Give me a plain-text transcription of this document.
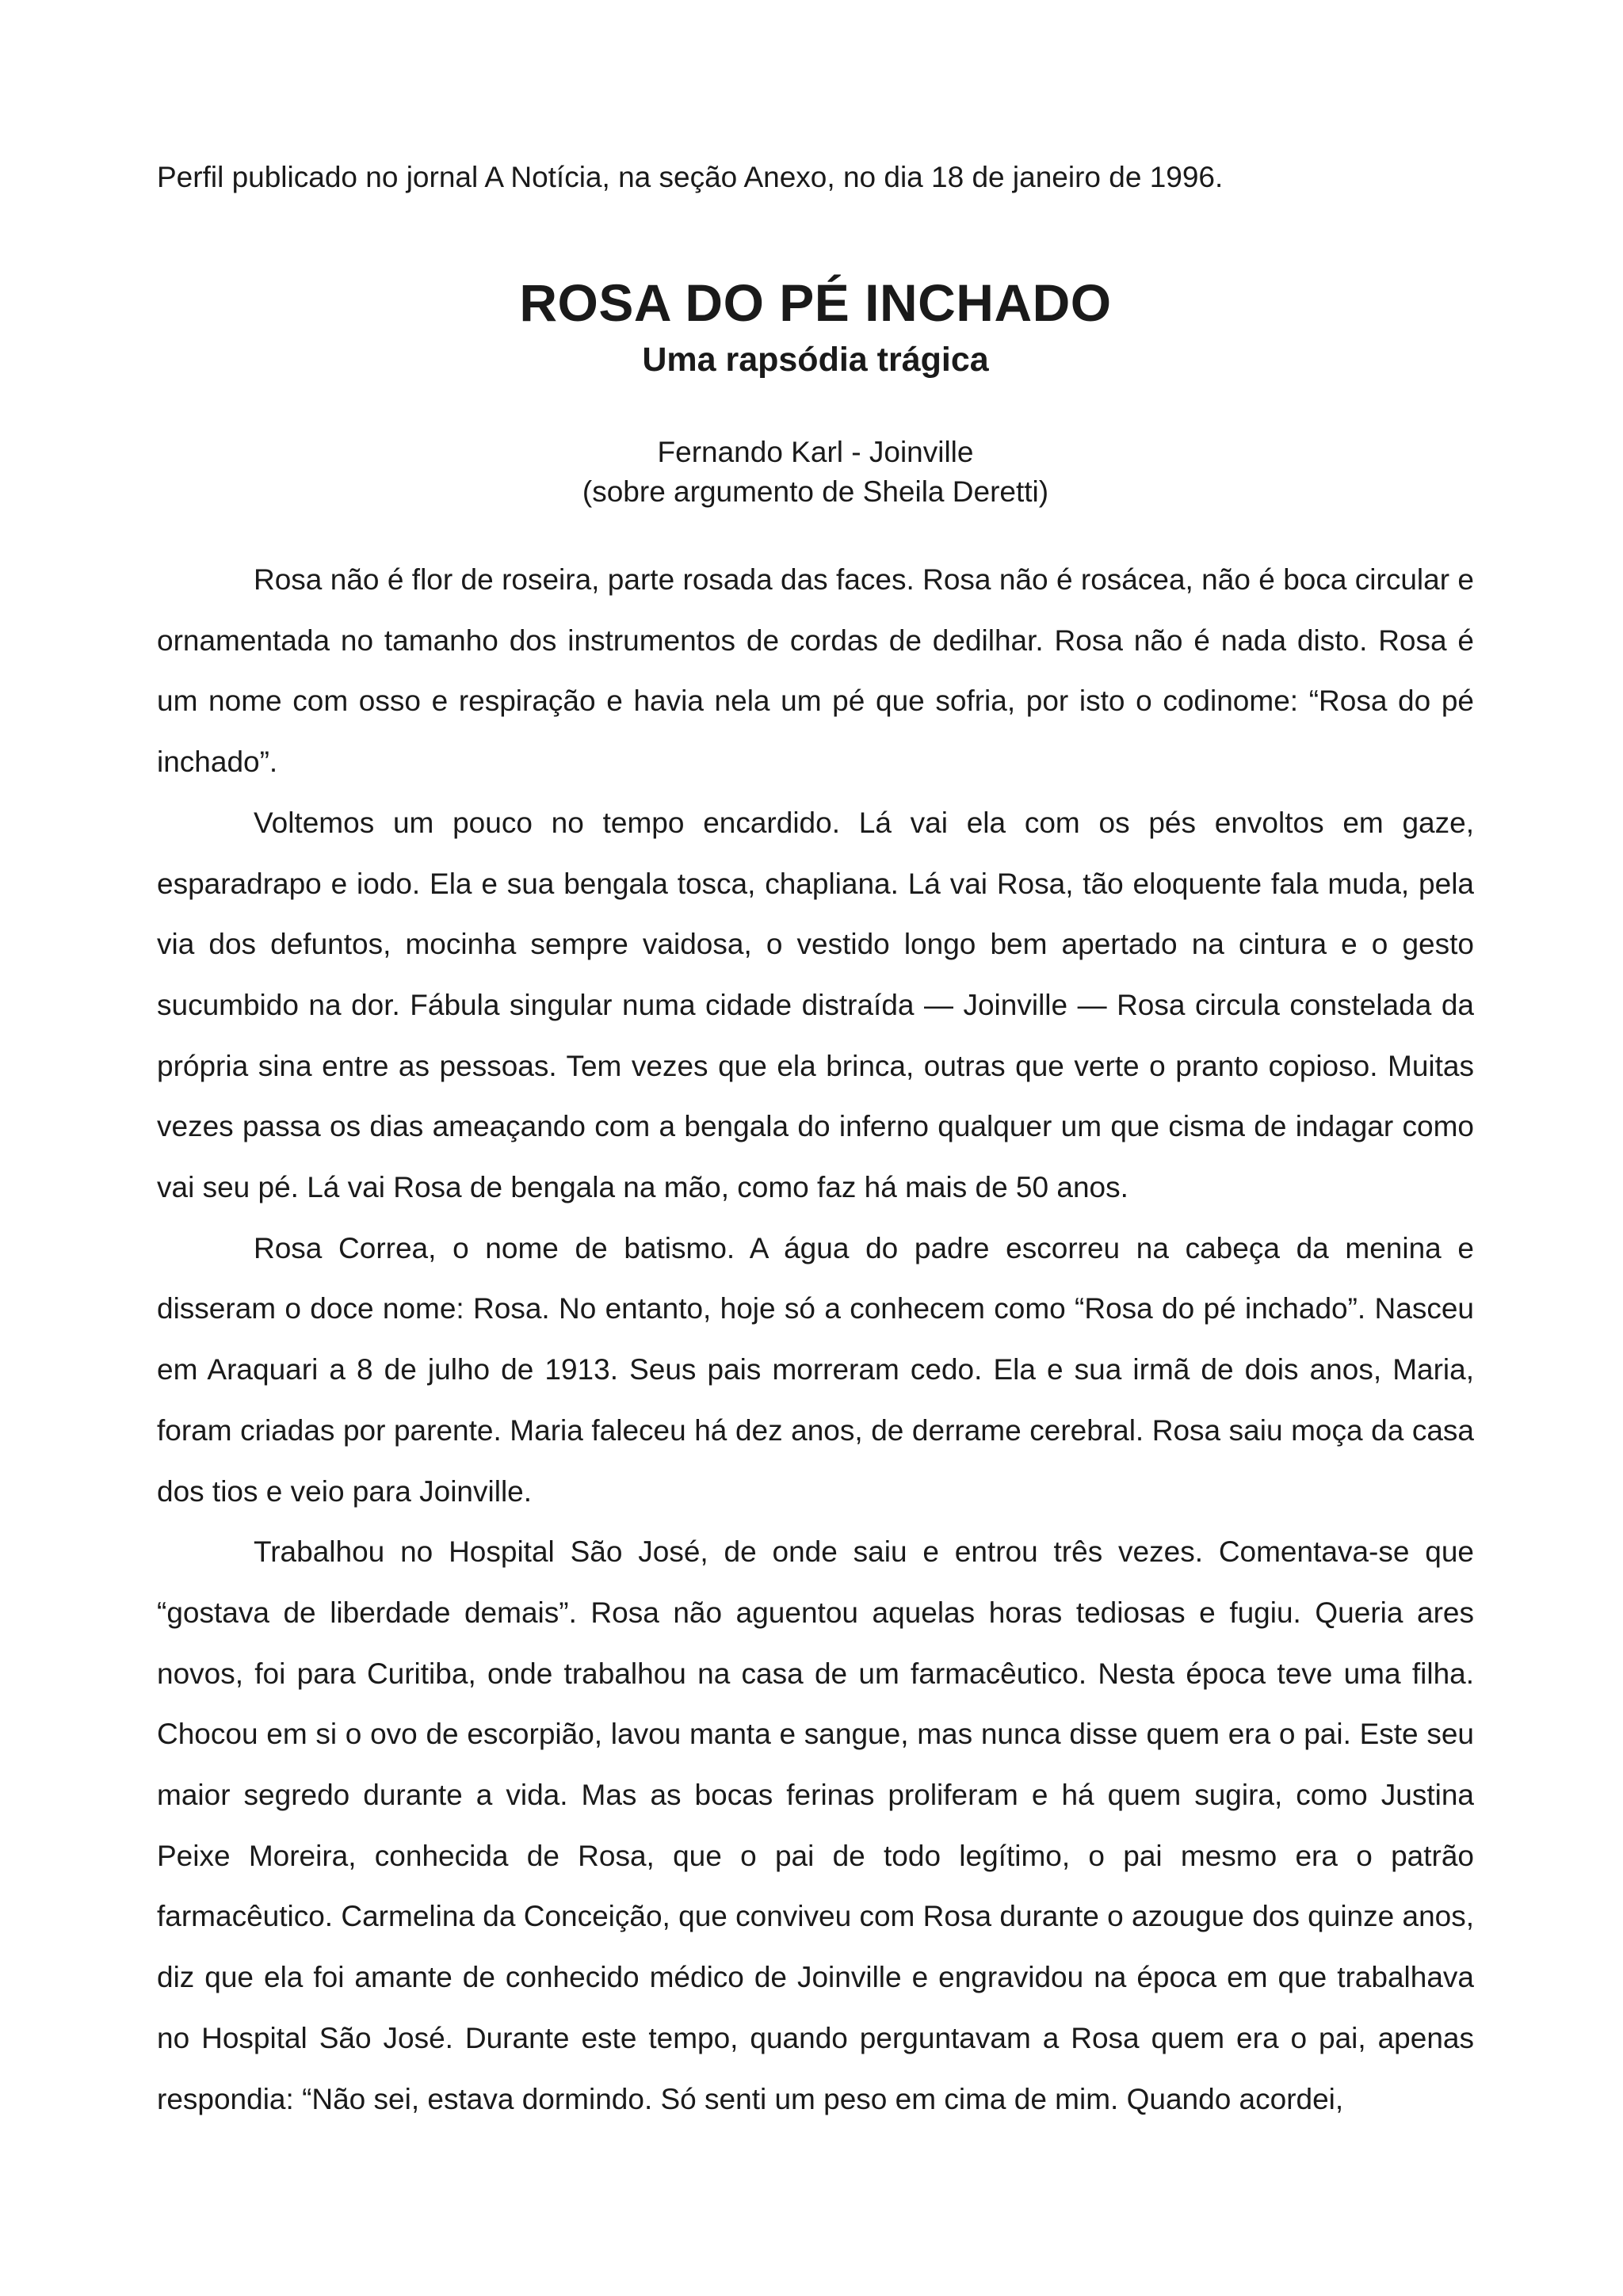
Perfil publicado no jornal A Notícia, na seção Anexo, no dia 18 de janeiro de 1996.

ROSA DO PÉ INCHADO
Uma rapsódia trágica
Fernando Karl - Joinville
(sobre argumento de Sheila Deretti)

Rosa não é flor de roseira, parte rosada das faces. Rosa não é rosácea, não é boca circular e ornamentada no tamanho dos instrumentos de cordas de dedilhar. Rosa não é nada disto. Rosa é um nome com osso e respiração e havia nela um pé que sofria, por isto o codinome: “Rosa do pé inchado”.

Voltemos um pouco no tempo encardido. Lá vai ela com os pés envoltos em gaze, esparadrapo e iodo. Ela e sua bengala tosca, chapliana. Lá vai Rosa, tão eloquente fala muda, pela via dos defuntos, mocinha sempre vaidosa, o vestido longo bem apertado na cintura e o gesto sucumbido na dor. Fábula singular numa cidade distraída — Joinville — Rosa circula constelada da própria sina entre as pessoas. Tem vezes que ela brinca, outras que verte o pranto copioso. Muitas vezes passa os dias ameaçando com a bengala do inferno qualquer um que cisma de indagar como vai seu pé. Lá vai Rosa de bengala na mão, como faz há mais de 50 anos.

Rosa Correa, o nome de batismo. A água do padre escorreu na cabeça da menina e disseram o doce nome: Rosa. No entanto, hoje só a conhecem como “Rosa do pé inchado”. Nasceu em Araquari a 8 de julho de 1913. Seus pais morreram cedo. Ela e sua irmã de dois anos, Maria, foram criadas por parente. Maria faleceu há dez anos, de derrame cerebral. Rosa saiu moça da casa dos tios e veio para Joinville.

Trabalhou no Hospital São José, de onde saiu e entrou três vezes. Comentava-se que “gostava de liberdade demais”. Rosa não aguentou aquelas horas tediosas e fugiu. Queria ares novos, foi para Curitiba, onde trabalhou na casa de um farmacêutico. Nesta época teve uma filha. Chocou em si o ovo de escorpião, lavou manta e sangue, mas nunca disse quem era o pai. Este seu maior segredo durante a vida. Mas as bocas ferinas proliferam e há quem sugira, como Justina Peixe Moreira, conhecida de Rosa, que o pai de todo legítimo, o pai mesmo era o patrão farmacêutico. Carmelina da Conceição, que conviveu com Rosa durante o azougue dos quinze anos, diz que ela foi amante de conhecido médico de Joinville e engravidou na época em que trabalhava no Hospital São José. Durante este tempo, quando perguntavam a Rosa quem era o pai, apenas respondia: “Não sei, estava dormindo. Só senti um peso em cima de mim. Quando acordei,
